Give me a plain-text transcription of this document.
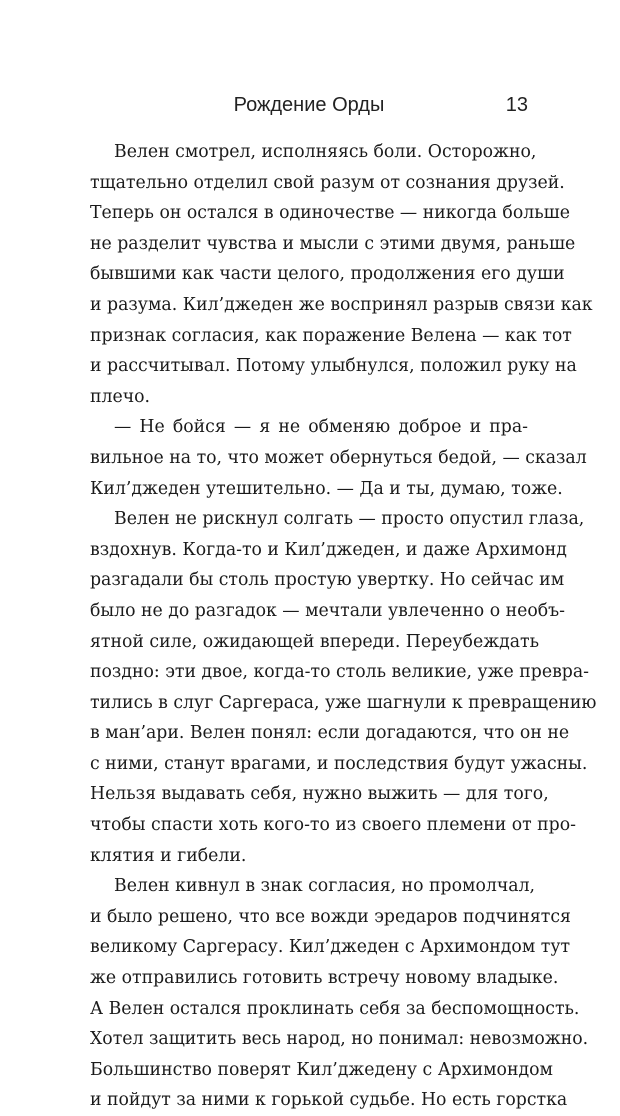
Рождение Орды	13
Велен смотрел, исполняясь боли. Осторожно,
тщательно отделил свой разум от сознания друзей.
Теперь он остался в одиночестве — никогда больше
не разделит чувства и мысли с этими двумя, раньше
бывшими как части целого, продолжения его души
и разума. Кил’джеден же воспринял разрыв связи как
признак согласия, как поражение Велена — как тот
и рассчитывал. Потому улыбнулся, положил руку на
плечо.
— Не бойся — я не обменяю доброе и пра-
вильное на то, что может обернуться бедой, — сказал
Кил’джеден утешительно. — Да и ты, думаю, тоже.
Велен не рискнул солгать — просто опустил глаза,
вздохнув. Когда-то и Кил’джеден, и даже Архимонд
разгадали бы столь простую увертку. Но сейчас им
было не до разгадок — мечтали увлеченно о необъ-
ятной силе, ожидающей впереди. Переубеждать
поздно: эти двое, когда-то столь великие, уже превра-
тились в слуг Саргераса, уже шагнули к превращению
в ман’ари. Велен понял: если догадаются, что он не
с ними, станут врагами, и последствия будут ужасны.
Нельзя выдавать себя, нужно выжить — для того,
чтобы спасти хоть кого-то из своего племени от про-
клятия и гибели.
Велен кивнул в знак согласия, но промолчал,
и было решено, что все вожди эредаров подчинятся
великому Саргерасу. Кил’джеден с Архимондом тут
же отправились готовить встречу новому владыке.
А Велен остался проклинать себя за беспомощность.
Хотел защитить весь народ, но понимал: невозможно.
Большинство поверят Кил’джедену с Архимондом
и пойдут за ними к горькой судьбе. Но есть горстка
